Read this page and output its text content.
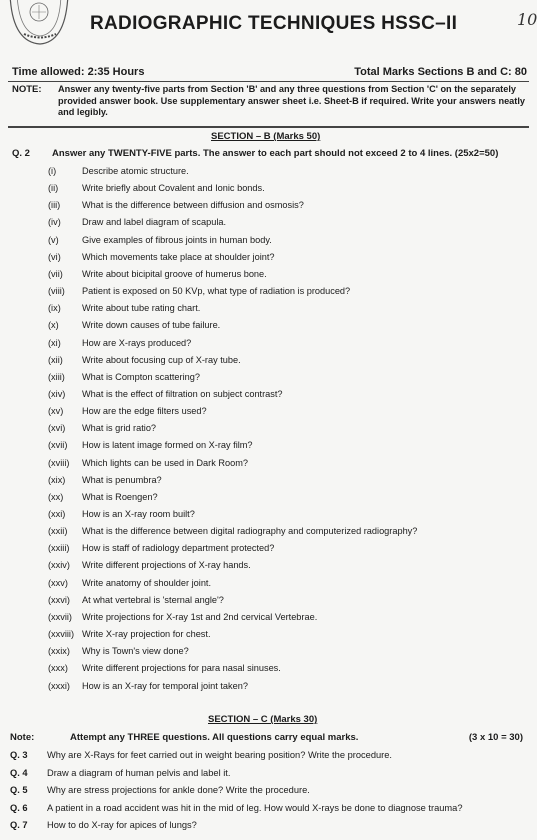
RADIOGRAPHIC TECHNIQUES HSSC–II	10
Time allowed: 2:35 Hours	Total Marks Sections B and C: 80
NOTE: Answer any twenty-five parts from Section 'B' and any three questions from Section 'C' on the separately provided answer book. Use supplementary answer sheet i.e. Sheet-B if required. Write your answers neatly and legibly.
SECTION – B (Marks 50)
Q. 2 Answer any TWENTY-FIVE parts. The answer to each part should not exceed 2 to 4 lines. (25x2=50)
(i)	Describe atomic structure.
(ii)	Write briefly about Covalent and Ionic bonds.
(iii) What is the difference between diffusion and osmosis?
(iv) Draw and label diagram of scapula.
(v)	Give examples of fibrous joints in human body.
(vi) Which movements take place at shoulder joint?
(vii) Write about bicipital groove of humerus bone.
(viii) Patient is exposed on 50 KVp, what type of radiation is produced?
(ix) Write about tube rating chart.
(x)	Write down causes of tube failure.
(xi) How are X-rays produced?
(xii) Write about focusing cup of X-ray tube.
(xiii) What is Compton scattering?
(xiv) What is the effect of filtration on subject contrast?
(xv) How are the edge filters used?
(xvi) What is grid ratio?
(xvii) How is latent image formed on X-ray film?
(xviii) Which lights can be used in Dark Room?
(xix) What is penumbra?
(xx) What is Roengen?
(xxi) How is an X-ray room built?
(xxii) What is the difference between digital radiography and computerized radiography?
(xxiii) How is staff of radiology department protected?
(xxiv) Write different projections of X-ray hands.
(xxv) Write anatomy of shoulder joint.
(xxvi) At what vertebral is 'sternal angle'?
(xxvii) Write projections for X-ray 1st and 2nd cervical Vertebrae.
(xxviii) Write X-ray projection for chest.
(xxix) Why is Town's view done?
(xxx) Write different projections for para nasal sinuses.
(xxxi) How is an X-ray for temporal joint taken?
SECTION – C (Marks 30)
Note:	Attempt any THREE questions. All questions carry equal marks.	(3 x 10 = 30)
Q. 3 Why are X-Rays for feet carried out in weight bearing position? Write the procedure.
Q. 4 Draw a diagram of human pelvis and label it.
Q. 5 Why are stress projections for ankle done? Write the procedure.
Q. 6 A patient in a road accident was hit in the mid of leg. How would X-rays be done to diagnose trauma?
Q. 7 How to do X-ray for apices of lungs?
